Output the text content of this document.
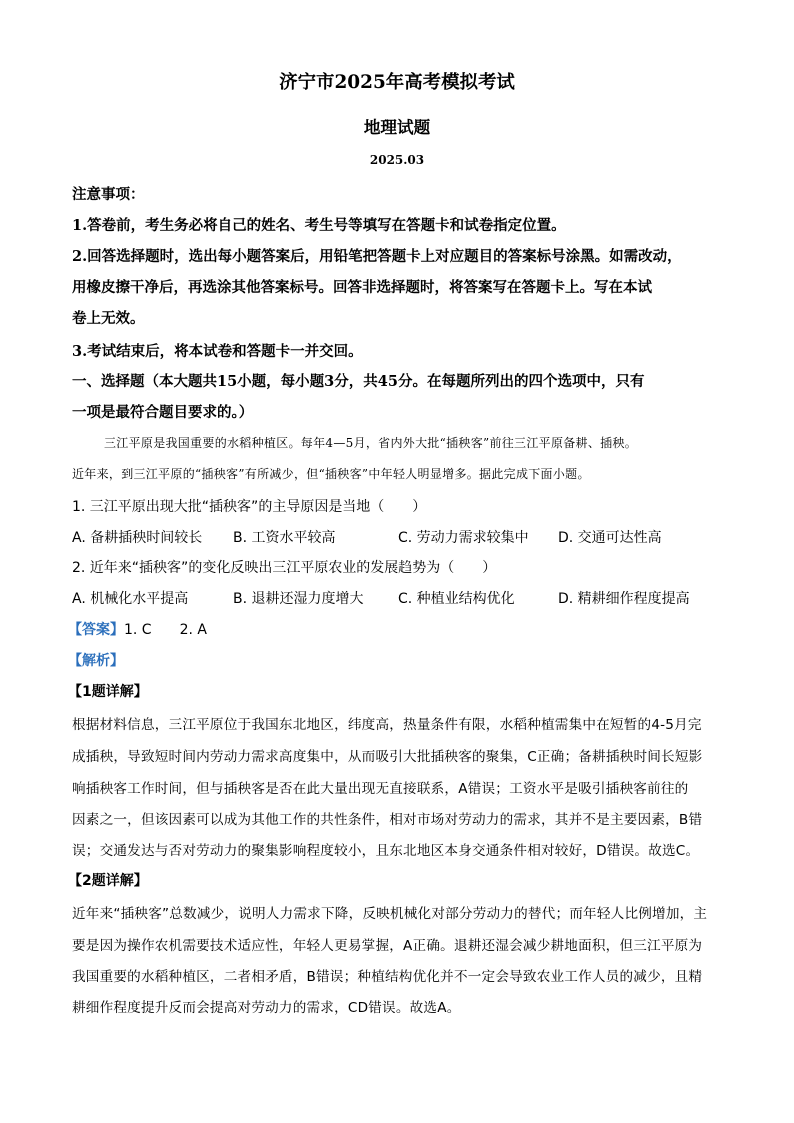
济宁市2025年高考模拟考试
地理试题
2025.03
注意事项：
1.答卷前，考生务必将自己的姓名、考生号等填写在答题卡和试卷指定位置。
2.回答选择题时，选出每小题答案后，用铅笔把答题卡上对应题目的答案标号涂黑。如需改动，
用橡皮擦干净后，再选涂其他答案标号。回答非选择题时，将答案写在答题卡上。写在本试
卷上无效。
3.考试结束后，将本试卷和答题卡一并交回。
一、选择题（本大题共15小题，每小题3分，共45分。在每题所列出的四个选项中，只有
一项是最符合题目要求的。）
三江平原是我国重要的水稻种植区。每年4—5月，省内外大批“插秧客”前往三江平原备耕、插秧。
近年来，到三江平原的“插秧客”有所减少，但“插秧客”中年轻人明显增多。据此完成下面小题。
1. 三江平原出现大批“插秧客”的主导原因是当地（　　）
A. 备耕插秧时间较长 B. 工资水平较高	C. 劳动力需求较集中 D. 交通可达性高
2. 近年来“插秧客”的变化反映出三江平原农业的发展趋势为（　　）
A. 机械化水平提高	B. 退耕还湿力度增大 C. 种植业结构优化	D. 精耕细作程度提高
【答案】1. C 2. A
【解析】
【1题详解】
根据材料信息，三江平原位于我国东北地区，纬度高，热量条件有限，水稻种植需集中在短暂的4-5月完
成插秧，导致短时间内劳动力需求高度集中，从而吸引大批插秧客的聚集，C正确；备耕插秧时间长短影
响插秧客工作时间，但与插秧客是否在此大量出现无直接联系，A错误；工资水平是吸引插秧客前往的
因素之一，但该因素可以成为其他工作的共性条件，相对市场对劳动力的需求，其并不是主要因素，B错
误；交通发达与否对劳动力的聚集影响程度较小，且东北地区本身交通条件相对较好，D错误。故选C。
【2题详解】
近年来“插秧客”总数减少，说明人力需求下降，反映机械化对部分劳动力的替代；而年轻人比例增加，主
要是因为操作农机需要技术适应性，年轻人更易掌握，A正确。退耕还湿会减少耕地面积，但三江平原为
我国重要的水稻种植区，二者相矛盾，B错误；种植结构优化并不一定会导致农业工作人员的减少，且精
耕细作程度提升反而会提高对劳动力的需求，CD错误。故选A。
